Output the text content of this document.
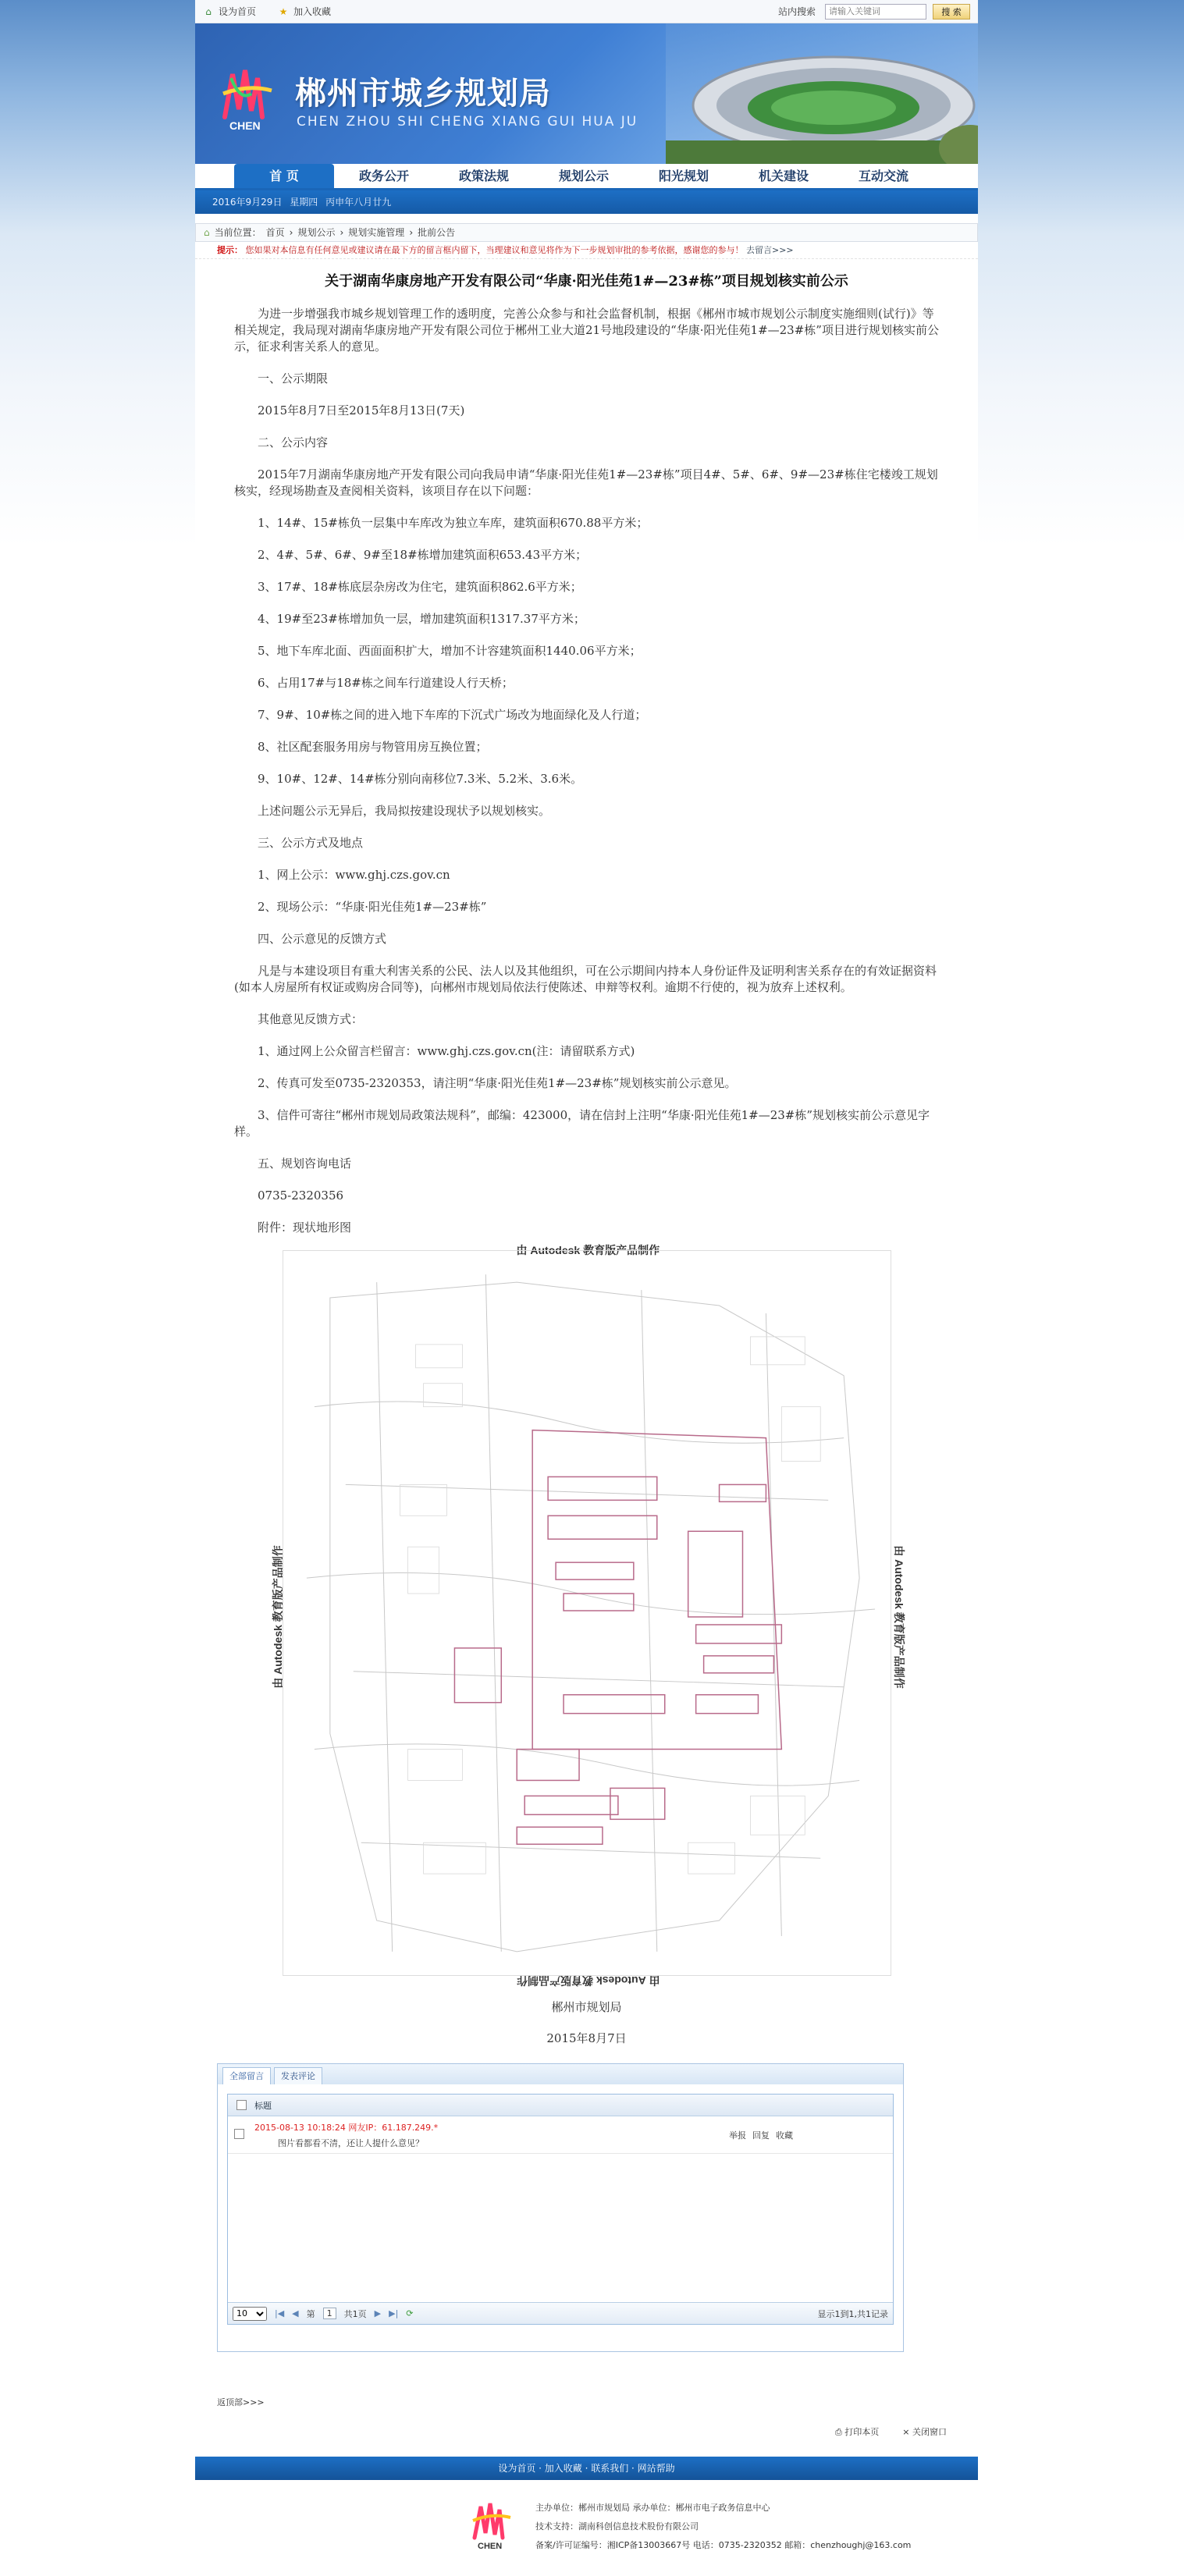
⌂ 设为首页 ★ 加入收藏	站内搜索
请输入关键词	搜 索
CHEN
郴州市城乡规划局
CHEN ZHOU SHI CHENG XIANG GUI HUA JU
首 页	政务公开	政策法规	规划公示	阳光规划	机关建设	互动交流
2016年9月29日 星期四 丙申年八月廿九
⌂ 当前位置： 首页 › 规划公示 › 规划实施管理 › 批前公告
提示： 您如果对本信息有任何意见或建议请在最下方的留言框内留下，当理建议和意见将作为下一步规划审批的参考依据，感谢您的参与！ 去留言>>>
关于湖南华康房地产开发有限公司“华康·阳光佳苑1#—23#栋”项目规划核实前公示

为进一步增强我市城乡规划管理工作的透明度，完善公众参与和社会监督机制，根据《郴州市城市规划公示制度实施细则(试行)》等相关规定，我局现对湖南华康房地产开发有限公司位于郴州工业大道21号地段建设的“华康·阳光佳苑1#—23#栋”项目进行规划核实前公示，征求利害关系人的意见。

一、公示期限

2015年8月7日至2015年8月13日(7天)

二、公示内容

2015年7月湖南华康房地产开发有限公司向我局申请“华康·阳光佳苑1#—23#栋”项目4#、5#、6#、9#—23#栋住宅楼竣工规划核实，经现场勘查及查阅相关资料，该项目存在以下问题：

1、14#、15#栋负一层集中车库改为独立车库，建筑面积670.88平方米；

2、4#、5#、6#、9#至18#栋增加建筑面积653.43平方米；

3、17#、18#栋底层杂房改为住宅，建筑面积862.6平方米；

4、19#至23#栋增加负一层，增加建筑面积1317.37平方米；

5、地下车库北面、西面面积扩大，增加不计容建筑面积1440.06平方米；

6、占用17#与18#栋之间车行道建设人行天桥；

7、9#、10#栋之间的进入地下车库的下沉式广场改为地面绿化及人行道；

8、社区配套服务用房与物管用房互换位置；

9、10#、12#、14#栋分别向南移位7.3米、5.2米、3.6米。

上述问题公示无异后，我局拟按建设现状予以规划核实。

三、公示方式及地点

1、网上公示：www.ghj.czs.gov.cn

2、现场公示：“华康·阳光佳苑1#—23#栋”

四、公示意见的反馈方式

凡是与本建设项目有重大利害关系的公民、法人以及其他组织，可在公示期间内持本人身份证件及证明利害关系存在的有效证据资料(如本人房屋所有权证或购房合同等)，向郴州市规划局依法行使陈述、申辩等权利。逾期不行使的，视为放弃上述权利。

其他意见反馈方式：

1、通过网上公众留言栏留言：www.ghj.czs.gov.cn(注：请留联系方式)

2、传真可发至0735-2320353，请注明“华康·阳光佳苑1#—23#栋”规划核实前公示意见。

3、信件可寄往“郴州市规划局政策法规科”，邮编：423000，请在信封上注明“华康·阳光佳苑1#—23#栋”规划核实前公示意见字样。

五、规划咨询电话

0735-2320356

附件：现状地形图

由 Autodesk 教育版产品制作
由 Autodesk 教育版产品制作
由 Autodesk 教育版产品制作	由 Autodesk 教育版产品制作
郴州市规划局
2015年8月7日
全部留言	发表评论
标题
2015-08-13 10:18:24 网友IP：61.187.249.*
图片看都看不清，还让人提什么意见？
举报 回复 收藏
10
|◀ ◀ 第	1	共1页 ▶ ▶| ⟳	显示1到1,共1记录
返顶部>>>
⎙ 打印本页	× 关闭窗口
设为首页 · 加入收藏 · 联系我们 · 网站帮助
CHEN
主办单位：郴州市规划局 承办单位：郴州市电子政务信息中心
技术支持：湖南科创信息技术股份有限公司
备案/许可证编号：湘ICP备13003667号 电话：0735-2320352 邮箱：chenzhoughj@163.com
